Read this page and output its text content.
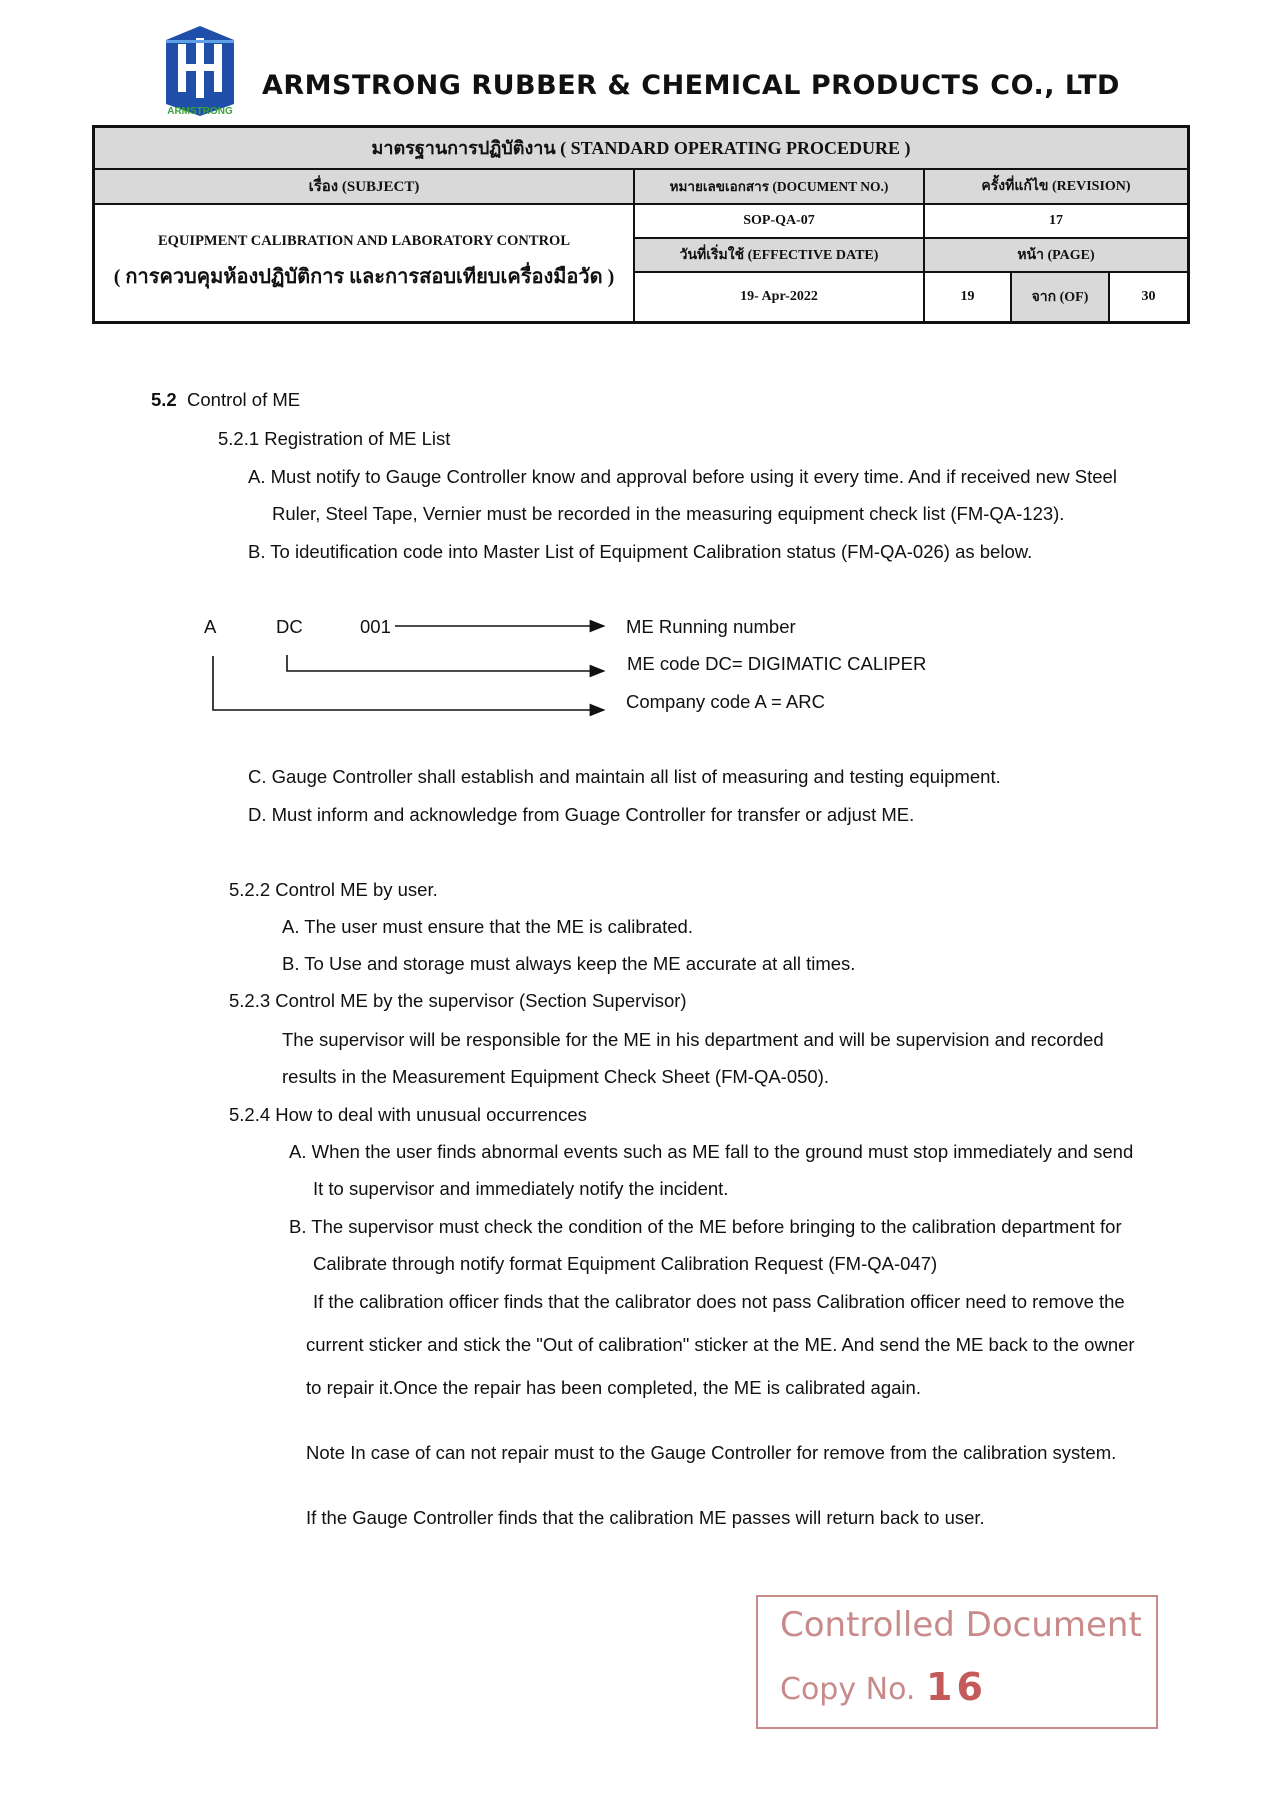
ARMSTRONG
ARMSTRONG RUBBER & CHEMICAL PRODUCTS CO., LTD
มาตรฐานการปฏิบัติงาน ( STANDARD OPERATING PROCEDURE )
เรื่อง (SUBJECT)	หมายเลขเอกสาร (DOCUMENT NO.)	ครั้งที่แก้ไข (REVISION)

EQUIPMENT CALIBRATION AND LABORATORY CONTROL
( การควบคุมห้องปฏิบัติการ และการสอบเทียบเครื่องมือวัด )
	SOP-QA-07	17
วันที่เริ่มใช้ (EFFECTIVE DATE)	หน้า (PAGE)
19- Apr-2022		19	จาก (OF)	30
5.2 Control of ME
5.2.1 Registration of ME List
A. Must notify to Gauge Controller know and approval before using it every time. And if received new Steel
Ruler, Steel Tape, Vernier must be recorded in the measuring equipment check list (FM-QA-123).
B. To ideutification code into Master List of Equipment Calibration status (FM-QA-026) as below.
A	DC	001	ME Running number
ME code DC= DIGIMATIC CALIPER
Company code A = ARC
C. Gauge Controller shall establish and maintain all list of measuring and testing equipment.
D. Must inform and acknowledge from Guage Controller for transfer or adjust ME.
5.2.2 Control ME by user.
A. The user must ensure that the ME is calibrated.
B. To Use and storage must always keep the ME accurate at all times.
5.2.3 Control ME by the supervisor (Section Supervisor)
The supervisor will be responsible for the ME in his department and will be supervision and recorded
results in the Measurement Equipment Check Sheet (FM-QA-050).
5.2.4 How to deal with unusual occurrences
A. When the user finds abnormal events such as ME fall to the ground must stop immediately and send
It to supervisor and immediately notify the incident.
B. The supervisor must check the condition of the ME before bringing to the calibration department for
Calibrate through notify format Equipment Calibration Request (FM-QA-047)
If the calibration officer finds that the calibrator does not pass Calibration officer need to remove the
current sticker and stick the "Out of calibration" sticker at the ME. And send the ME back to the owner
to repair it.Once the repair has been completed, the ME is calibrated again.
Note In case of can not repair must to the Gauge Controller for remove from the calibration system.
If the Gauge Controller finds that the calibration ME passes will return back to user.
Controlled Document
Copy No. 16
